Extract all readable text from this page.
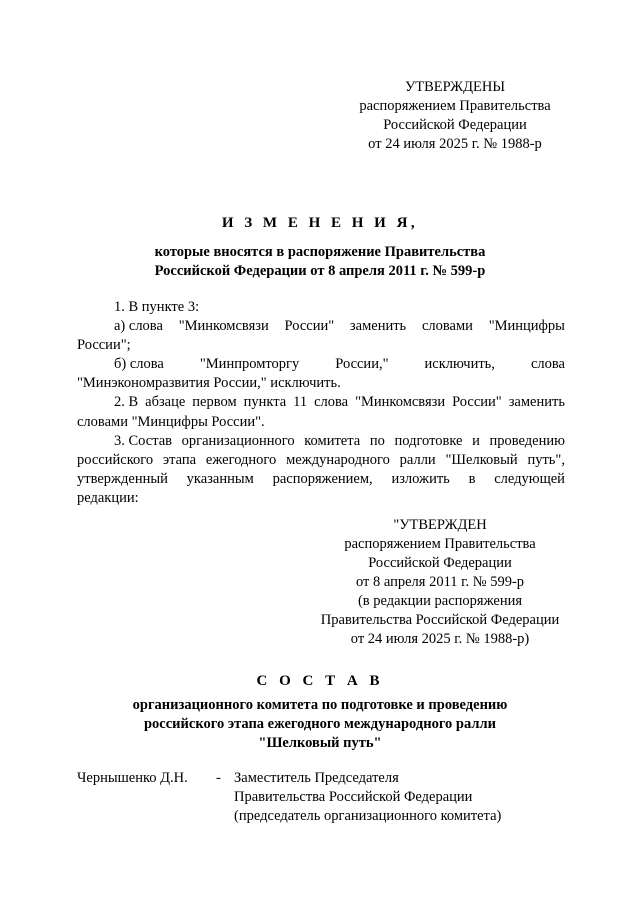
УТВЕРЖДЕНЫ
распоряжением Правительства
Российской Федерации
от 24 июля 2025 г. № 1988-р
И З М Е Н Е Н И Я,
которые вносятся в распоряжение Правительства
Российской Федерации от 8 апреля 2011 г. № 599-р
1. В пункте 3:
а) слова "Минкомсвязи России" заменить словами "Минцифры
России";
б) слова "Минпромторгу России," исключить, слова
"Минэкономразвития России," исключить.
2. В абзаце первом пункта 11 слова "Минкомсвязи России" заменить
словами "Минцифры России".
3. Состав организационного комитета по подготовке и проведению
российского этапа ежегодного международного ралли "Шелковый путь",
утвержденный указанным распоряжением, изложить в следующей
редакции:
"УТВЕРЖДЕН
распоряжением Правительства
Российской Федерации
от 8 апреля 2011 г. № 599-р
(в редакции распоряжения
Правительства Российской Федерации
от 24 июля 2025 г. № 1988-р)
С О С Т А В
организационного комитета по подготовке и проведению
российского этапа ежегодного международного ралли
"Шелковый путь"
Чернышенко Д.Н. - Заместитель Председателя
Правительства Российской Федерации
(председатель организационного комитета)
